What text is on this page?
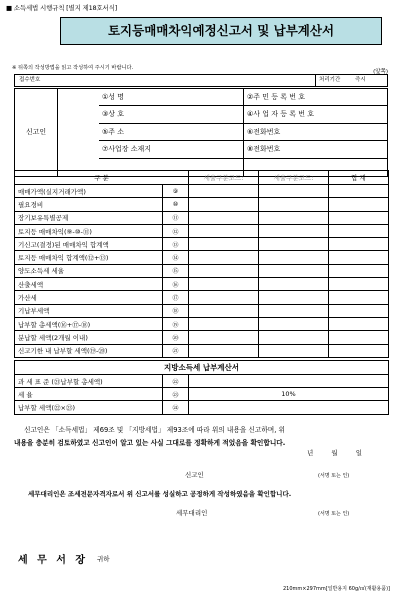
■ 소득세법 시행규칙 [별지 제18호서식]
토지등매매차익예정신고서 및 납부계산서
※ 뒤쪽의 작성방법을 읽고 작성하여 주시기 바랍니다.
(앞쪽)
접수번호	처리기간	즉시
신고인
①성 명	②주 민 등 록 번 호
③상 호	④사 업 자 등 록 번 호
⑤주 소	⑥전화번호
⑦사업장 소재지	⑧전화번호
구 분		세율구분코드:	세율구분코드:	합 계
매매가액(실지거래가액)	⑨			
필요경비	⑩			
장기보유특별공제	⑪			
토지등 매매차익(⑨-⑩-⑪)	⑫			
기신고(결정)된 매매차익 합계액	⑬			
토지등 매매차익 합계액(⑫+⑬)	⑭			
양도소득세 세율	⑮			
산출세액	⑯			
가산세	⑰			
기납부세액	⑱			
납부할 총세액(⑯+⑰-⑱)	⑲			
분납할 세액(2개월 이내)	⑳			
신고기한 내 납부할 세액(⑲-⑳)	㉑			
지방소득세 납부계산서		
과 세 표 준 (㉑납부할 총세액)	㉒	
세 율	㉓	10%
납부할 세액(㉒×㉓)	㉔	

신고인은 「소득세법」 제69조 및 「지방세법」 제93조에 따라 위의 내용을 신고하며, 위

내용을 충분히 검토하였고 신고인이 알고 있는 사실 그대로를 정확하게 적었음을 확인합니다.

년 월 일
신고인	(서명 또는 인)
세무대리인은 조세전문자격자로서 위 신고서를 성실하고 공정하게 작성하였음을 확인합니다.
세무대리인	(서명 또는 인)
세 무 서 장 귀하
210mm×297mm[일반용지 60g/㎡(재활용품)]
